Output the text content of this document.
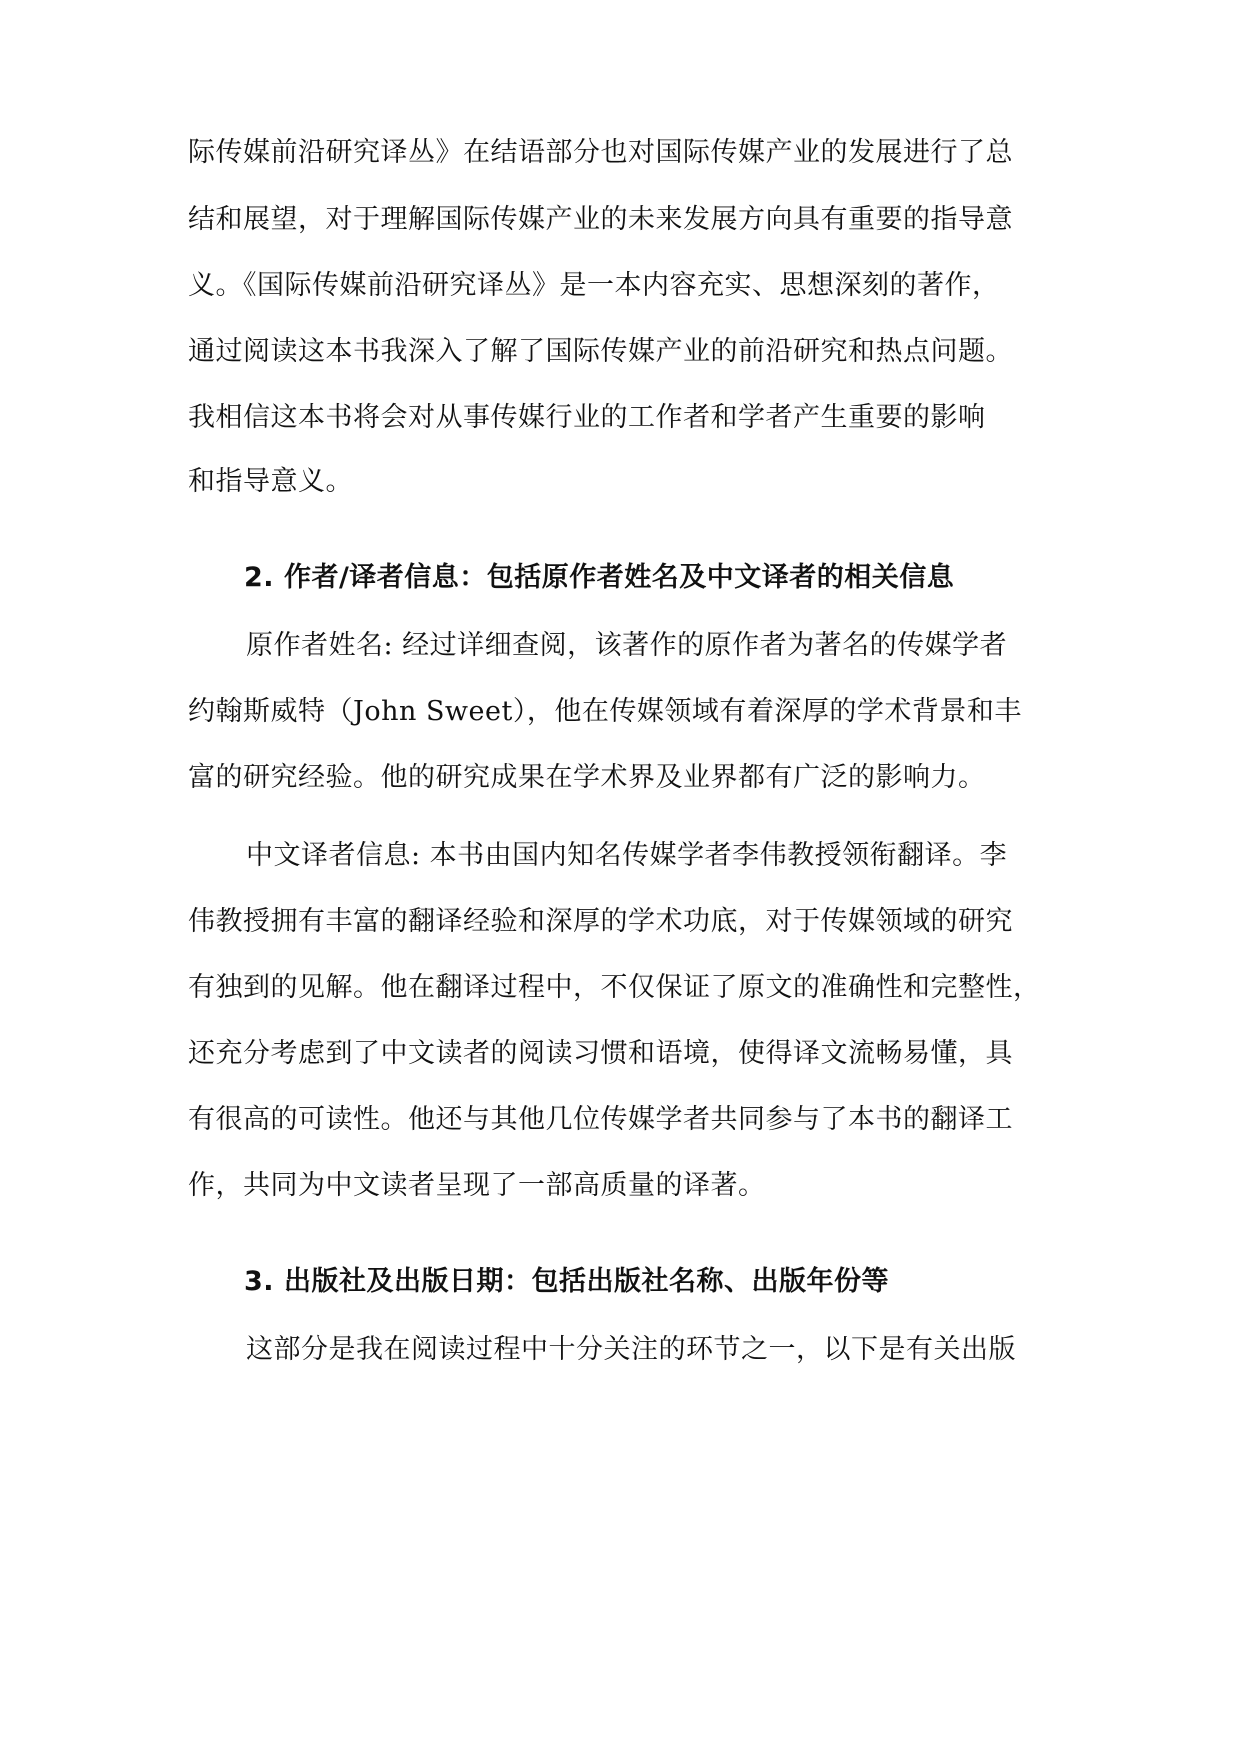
际传媒前沿研究译丛》在结语部分也对国际传媒产业的发展进行了总
结和展望，对于理解国际传媒产业的未来发展方向具有重要的指导意
义。《国际传媒前沿研究译丛》是一本内容充实、思想深刻的著作，
通过阅读这本书我深入了解了国际传媒产业的前沿研究和热点问题。
我相信这本书将会对从事传媒行业的工作者和学者产生重要的影响
和指导意义。
2. 作者/译者信息：包括原作者姓名及中文译者的相关信息
原作者姓名: 经过详细查阅，该著作的原作者为著名的传媒学者
约翰斯威特（John Sweet），他在传媒领域有着深厚的学术背景和丰
富的研究经验。他的研究成果在学术界及业界都有广泛的影响力。
中文译者信息: 本书由国内知名传媒学者李伟教授领衔翻译。李
伟教授拥有丰富的翻译经验和深厚的学术功底，对于传媒领域的研究
有独到的见解。他在翻译过程中，不仅保证了原文的准确性和完整性，
还充分考虑到了中文读者的阅读习惯和语境，使得译文流畅易懂，具
有很高的可读性。他还与其他几位传媒学者共同参与了本书的翻译工
作，共同为中文读者呈现了一部高质量的译著。
3. 出版社及出版日期：包括出版社名称、出版年份等
这部分是我在阅读过程中十分关注的环节之一，以下是有关出版
